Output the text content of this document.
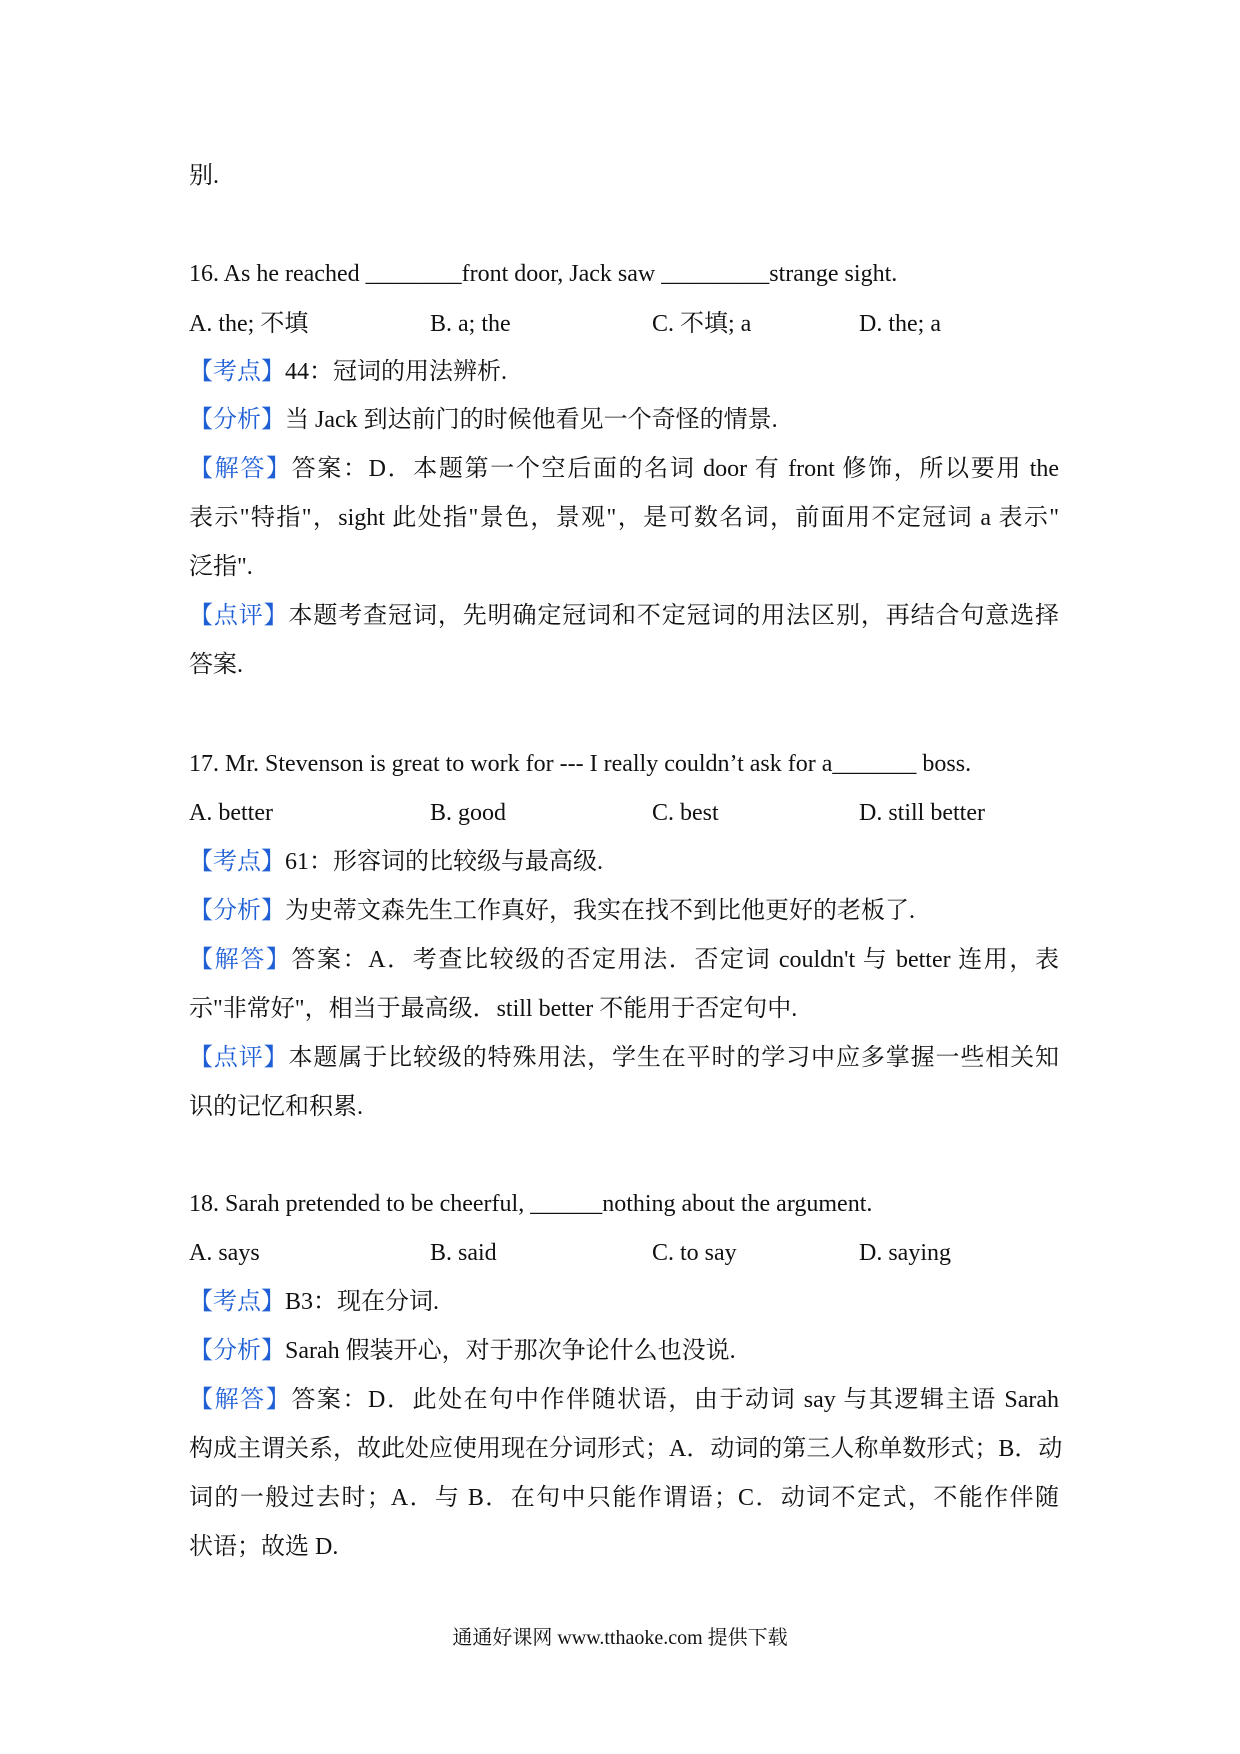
别.
16. As he reached ________front door, Jack saw _________strange sight.
A. the; 不填	B. a; the	C. 不填; a	D. the; a
【考点】44：冠词的用法辨析.
【分析】当 Jack 到达前门的时候他看见一个奇怪的情景.
【解答】答案：D．本题第一个空后面的名词 door 有 front 修饰，所以要用 the
表示"特指"，sight 此处指"景色，景观"，是可数名词，前面用不定冠词 a 表示"
泛指".
【点评】本题考查冠词，先明确定冠词和不定冠词的用法区别，再结合句意选择
答案.
17. Mr. Stevenson is great to work for --- I really couldn’t ask for a_______ boss.
A. better	B. good	C. best	D. still better
【考点】61：形容词的比较级与最高级.
【分析】为史蒂文森先生工作真好，我实在找不到比他更好的老板了.
【解答】答案：A．考查比较级的否定用法．否定词 couldn't 与 better 连用，表
示"非常好"，相当于最高级．still better 不能用于否定句中.
【点评】本题属于比较级的特殊用法，学生在平时的学习中应多掌握一些相关知
识的记忆和积累.
18. Sarah pretended to be cheerful, ______nothing about the argument.
A. says	B. said	C. to say	D. saying
【考点】B3：现在分词.
【分析】Sarah 假装开心，对于那次争论什么也没说.
【解答】答案：D．此处在句中作伴随状语，由于动词 say 与其逻辑主语 Sarah
构成主谓关系，故此处应使用现在分词形式；A．动词的第三人称单数形式；B．动
词的一般过去时；A．与 B．在句中只能作谓语；C．动词不定式，不能作伴随
状语；故选 D.
通通好课网 www.tthaoke.com 提供下载
